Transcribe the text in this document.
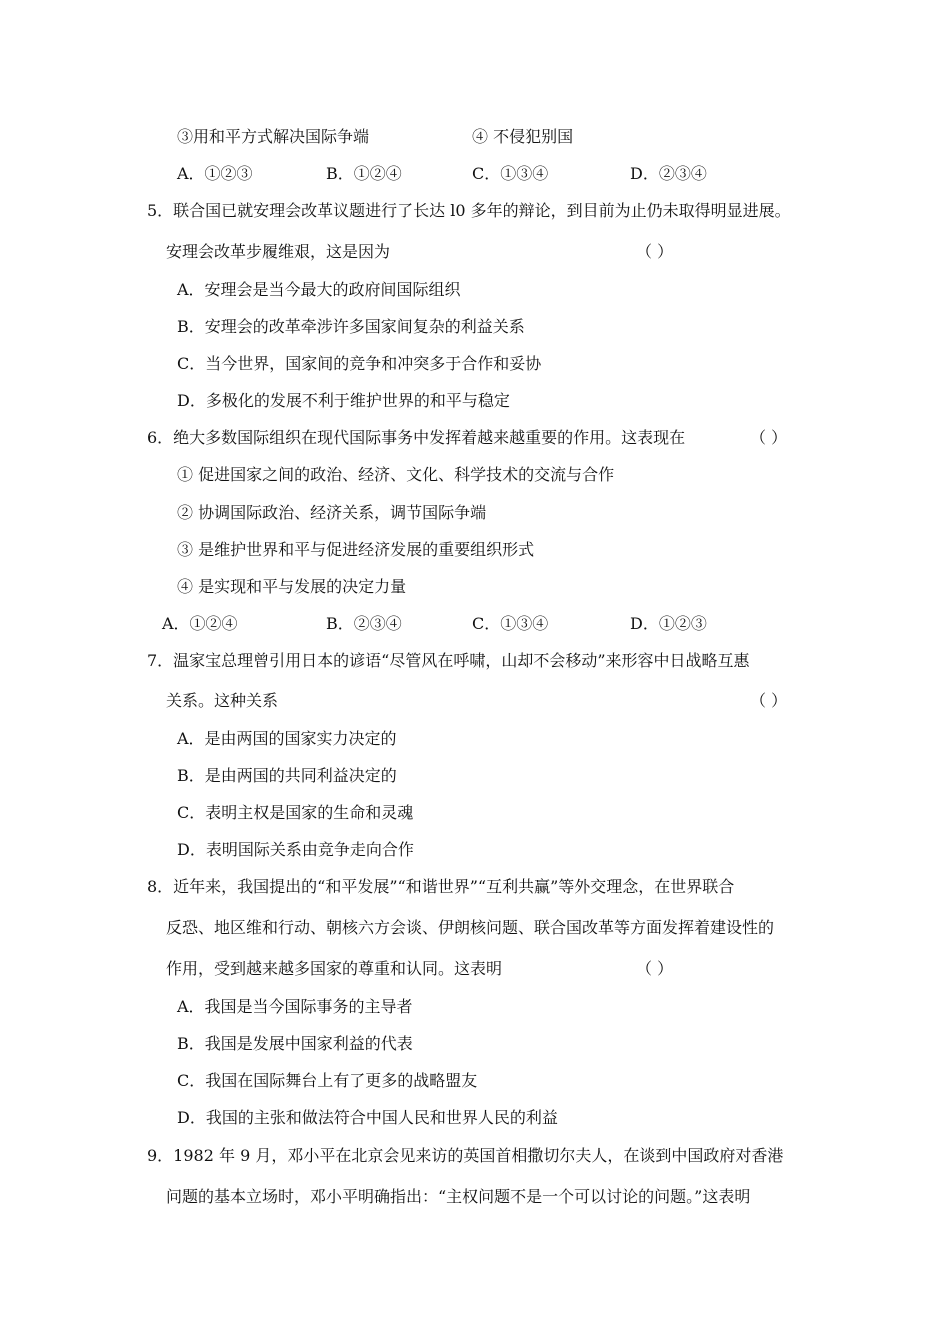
③用和平方式解决国际争端	④ 不侵犯别国
A．①②③	B．①②④	C．①③④	D．②③④
5．联合国已就安理会改革议题进行了长达 l0 多年的辩论，到目前为止仍未取得明显进展。
安理会改革步履维艰，这是因为	（ ）
A．安理会是当今最大的政府间国际组织
B．安理会的改革牵涉许多国家间复杂的利益关系
C．当今世界，国家间的竞争和冲突多于合作和妥协
D．多极化的发展不利于维护世界的和平与稳定
6．绝大多数国际组织在现代国际事务中发挥着越来越重要的作用。这表现在	（ ）
① 促进国家之间的政治、经济、文化、科学技术的交流与合作
② 协调国际政治、经济关系，调节国际争端
③ 是维护世界和平与促进经济发展的重要组织形式
④ 是实现和平与发展的决定力量
A．①②④	B．②③④	C．①③④	D．①②③
7．温家宝总理曾引用日本的谚语“尽管风在呼啸，山却不会移动”来形容中日战略互惠
关系。这种关系	（ ）
A．是由两国的国家实力决定的
B．是由两国的共同利益决定的
C．表明主权是国家的生命和灵魂
D．表明国际关系由竞争走向合作
8．近年来，我国提出的“和平发展”“和谐世界”“互利共赢”等外交理念，在世界联合
反恐、地区维和行动、朝核六方会谈、伊朗核问题、联合国改革等方面发挥着建设性的
作用，受到越来越多国家的尊重和认同。这表明	（ ）
A．我国是当今国际事务的主导者
B．我国是发展中国家利益的代表
C．我国在国际舞台上有了更多的战略盟友
D．我国的主张和做法符合中国人民和世界人民的利益
9．1982 年 9 月，邓小平在北京会见来访的英国首相撒切尔夫人，在谈到中国政府对香港
问题的基本立场时，邓小平明确指出：“主权问题不是一个可以讨论的问题。”这表明
